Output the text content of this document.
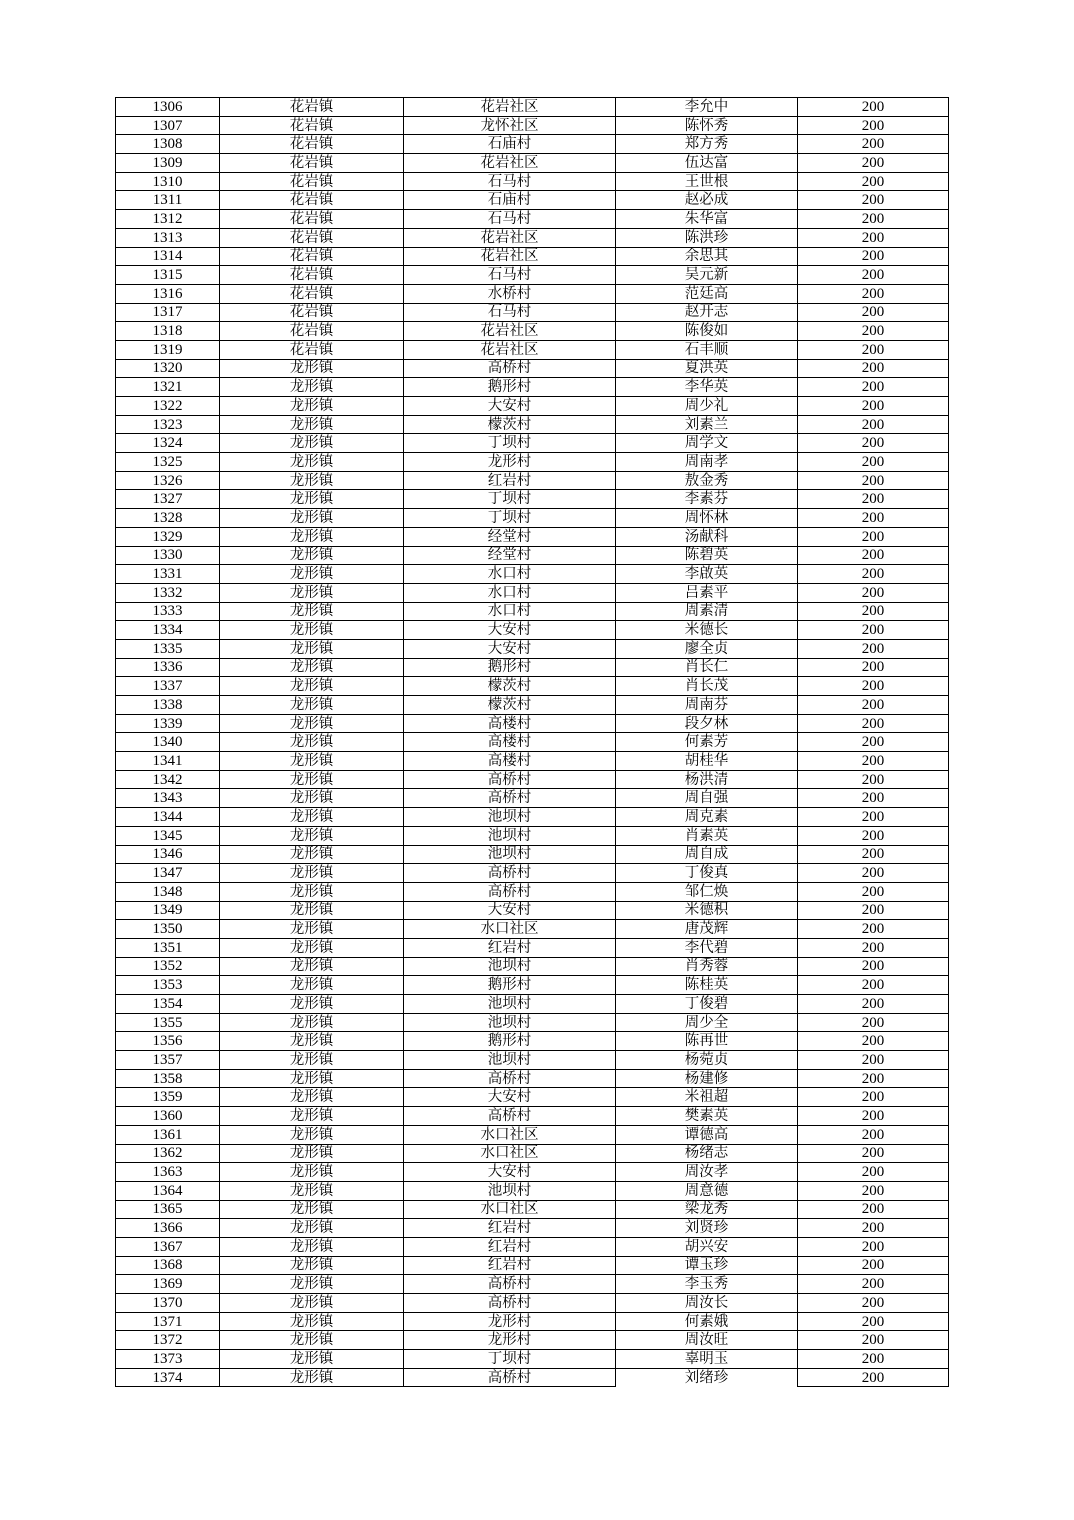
1306	花岩镇	花岩社区	李允中	200
1307	花岩镇	龙怀社区	陈怀秀	200
1308	花岩镇	石庙村	郑方秀	200
1309	花岩镇	花岩社区	伍达富	200
1310	花岩镇	石马村	王世根	200
1311	花岩镇	石庙村	赵必成	200
1312	花岩镇	石马村	朱华富	200
1313	花岩镇	花岩社区	陈洪珍	200
1314	花岩镇	花岩社区	余思其	200
1315	花岩镇	石马村	吴元新	200
1316	花岩镇	水桥村	范廷高	200
1317	花岩镇	石马村	赵开志	200
1318	花岩镇	花岩社区	陈俊如	200
1319	花岩镇	花岩社区	石丰顺	200
1320	龙形镇	高桥村	夏洪英	200
1321	龙形镇	鹅形村	李华英	200
1322	龙形镇	大安村	周少礼	200
1323	龙形镇	檬茨村	刘素兰	200
1324	龙形镇	丁坝村	周学文	200
1325	龙形镇	龙形村	周南孝	200
1326	龙形镇	红岩村	敖金秀	200
1327	龙形镇	丁坝村	李素芬	200
1328	龙形镇	丁坝村	周怀林	200
1329	龙形镇	经堂村	汤献科	200
1330	龙形镇	经堂村	陈碧英	200
1331	龙形镇	水口村	李啟英	200
1332	龙形镇	水口村	吕素平	200
1333	龙形镇	水口村	周素清	200
1334	龙形镇	大安村	米德长	200
1335	龙形镇	大安村	廖全贞	200
1336	龙形镇	鹅形村	肖长仁	200
1337	龙形镇	檬茨村	肖长茂	200
1338	龙形镇	檬茨村	周南芬	200
1339	龙形镇	高楼村	段夕林	200
1340	龙形镇	高楼村	何素芳	200
1341	龙形镇	高楼村	胡桂华	200
1342	龙形镇	高桥村	杨洪清	200
1343	龙形镇	高桥村	周自强	200
1344	龙形镇	池坝村	周克素	200
1345	龙形镇	池坝村	肖素英	200
1346	龙形镇	池坝村	周自成	200
1347	龙形镇	高桥村	丁俊真	200
1348	龙形镇	高桥村	邹仁焕	200
1349	龙形镇	大安村	米德积	200
1350	龙形镇	水口社区	唐茂辉	200
1351	龙形镇	红岩村	李代碧	200
1352	龙形镇	池坝村	肖秀蓉	200
1353	龙形镇	鹅形村	陈桂英	200
1354	龙形镇	池坝村	丁俊碧	200
1355	龙形镇	池坝村	周少全	200
1356	龙形镇	鹅形村	陈再世	200
1357	龙形镇	池坝村	杨菀贞	200
1358	龙形镇	高桥村	杨建修	200
1359	龙形镇	大安村	米祖超	200
1360	龙形镇	高桥村	樊素英	200
1361	龙形镇	水口社区	谭德高	200
1362	龙形镇	水口社区	杨绪志	200
1363	龙形镇	大安村	周汝孝	200
1364	龙形镇	池坝村	周意德	200
1365	龙形镇	水口社区	梁龙秀	200
1366	龙形镇	红岩村	刘贤珍	200
1367	龙形镇	红岩村	胡兴安	200
1368	龙形镇	红岩村	谭玉珍	200
1369	龙形镇	高桥村	李玉秀	200
1370	龙形镇	高桥村	周汝长	200
1371	龙形镇	龙形村	何素娥	200
1372	龙形镇	龙形村	周汝旺	200
1373	龙形镇	丁坝村	辜明玉	200
1374	龙形镇	高桥村	刘绪珍	200
